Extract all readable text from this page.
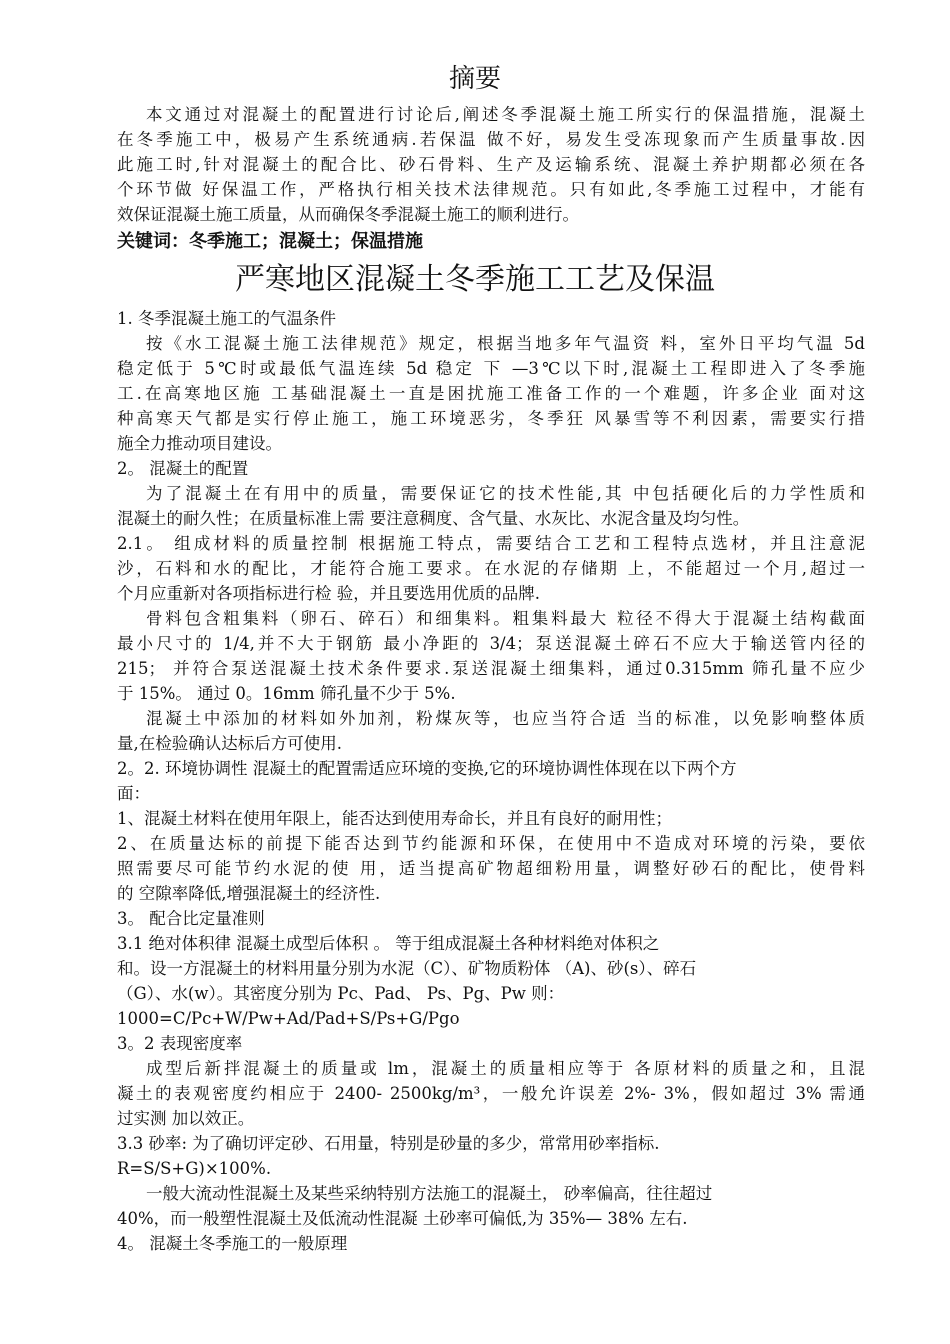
摘要
本文通过对混凝土的配置进行讨论后,阐述冬季混凝土施工所实行的保温措施，混凝土
在冬季施工中，极易产生系统通病.若保温 做不好，易发生受冻现象而产生质量事故.因
此施工时,针对混凝土的配合比、砂石骨料、生产及运输系统、混凝土养护期都必须在各
个环节做 好保温工作，严格执行相关技术法律规范。只有如此,冬季施工过程中，才能有
效保证混凝土施工质量，从而确保冬季混凝土施工的顺利进行。
关键词：冬季施工；混凝土；保温措施
严寒地区混凝土冬季施工工艺及保温
1. 冬季混凝土施工的气温条件
按《水工混凝土施工法律规范》规定，根据当地多年气温资 料，室外日平均气温 5d
稳定低于 5℃时或最低气温连续 5d 稳定 下 —3℃以下时,混凝土工程即进入了冬季施
工.在高寒地区施 工基础混凝土一直是困扰施工准备工作的一个难题，许多企业 面对这
种高寒天气都是实行停止施工，施工环境恶劣，冬季狂 风暴雪等不利因素，需要实行措
施全力推动项目建设。
2。 混凝土的配置
为了混凝土在有用中的质量，需要保证它的技术性能,其 中包括硬化后的力学性质和
混凝土的耐久性；在质量标准上需 要注意稠度、含气量、水灰比、水泥含量及均匀性。
2.1。 组成材料的质量控制 根据施工特点，需要结合工艺和工程特点选材，并且注意泥
沙，石料和水的配比，才能符合施工要求。在水泥的存储期 上，不能超过一个月,超过一
个月应重新对各项指标进行检 验，并且要选用优质的品牌.
骨料包含粗集料（卵石、碎石）和细集料。粗集料最大 粒径不得大于混凝土结构截面
最小尺寸的 1/4,并不大于钢筋 最小净距的 3/4；泵送混凝土碎石不应大于输送管内径的
215； 并符合泵送混凝土技术条件要求.泵送混凝土细集料，通过0.315mm 筛孔量不应少
于 15%。 通过 0。16mm 筛孔量不少于 5%.
混凝土中添加的材料如外加剂，粉煤灰等，也应当符合适 当的标准，以免影响整体质
量,在检验确认达标后方可使用.
2。2. 环境协调性 混凝土的配置需适应环境的变换,它的环境协调性体现在以下两个方
面：
1、混凝土材料在使用年限上，能否达到使用寿命长，并且有良好的耐用性；
2、在质量达标的前提下能否达到节约能源和环保，在使用中不造成对环境的污染，要依
照需要尽可能节约水泥的使 用，适当提高矿物超细粉用量，调整好砂石的配比，使骨料
的 空隙率降低,增强混凝土的经济性.
3。 配合比定量准则
3.1 绝对体积律 混凝土成型后体积 。 等于组成混凝土各种材料绝对体积之
和。设一方混凝土的材料用量分别为水泥（C）、矿物质粉体 （A)、砂(s）、碎石
（G）、水(w）。其密度分别为 Pc、Pad、 Ps、Pg、Pw 则：
1000=C/Pc+W/Pw+Ad/Pad+S/Ps+G/Pgo
3。2 表现密度率
成型后新拌混凝土的质量或 lm，混凝土的质量相应等于 各原材料的质量之和，且混
凝土的表观密度约相应于 2400- 2500kg/m³，一般允许误差 2%- 3%，假如超过 3% 需通
过实测 加以效正。
3.3 砂率: 为了确切评定砂、石用量，特别是砂量的多少，常常用砂率指标.
R=S/S+G)×100%.
一般大流动性混凝土及某些采纳特别方法施工的混凝土， 砂率偏高，往往超过
40%，而一般塑性混凝土及低流动性混凝 土砂率可偏低,为 35%— 38% 左右.
4。 混凝土冬季施工的一般原理
